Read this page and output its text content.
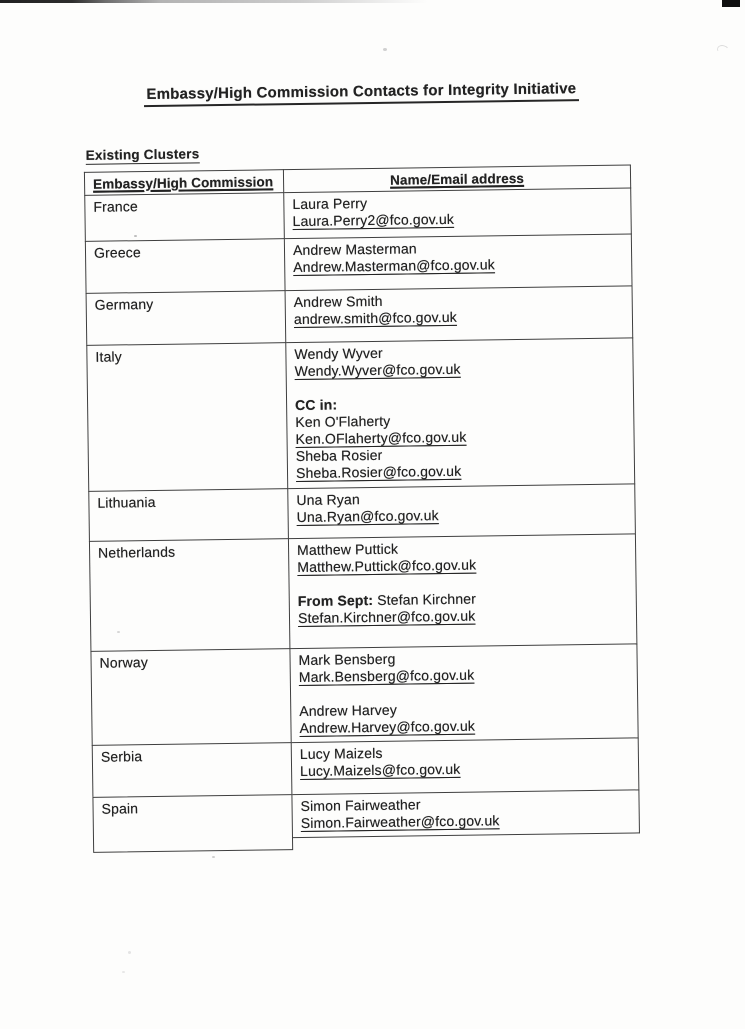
Embassy/High Commission Contacts for Integrity Initiative
Existing Clusters
Embassy/High Commission	Name/Email address
France	Laura Perry
Laura.Perry2@fco.gov.uk
Greece	Andrew Masterman
Andrew.Masterman@fco.gov.uk
Germany	Andrew Smith
andrew.smith@fco.gov.uk
Italy	Wendy Wyver
Wendy.Wyver@fco.gov.uk

CC in:
Ken O'Flaherty
Ken.OFlaherty@fco.gov.uk
Sheba Rosier
Sheba.Rosier@fco.gov.uk
Lithuania	Una Ryan
Una.Ryan@fco.gov.uk
Netherlands	Matthew Puttick
Matthew.Puttick@fco.gov.uk

From Sept: Stefan Kirchner
Stefan.Kirchner@fco.gov.uk
Norway	Mark Bensberg
Mark.Bensberg@fco.gov.uk

Andrew Harvey
Andrew.Harvey@fco.gov.uk
Serbia	Lucy Maizels
Lucy.Maizels@fco.gov.uk
Spain	Simon Fairweather
Simon.Fairweather@fco.gov.uk
